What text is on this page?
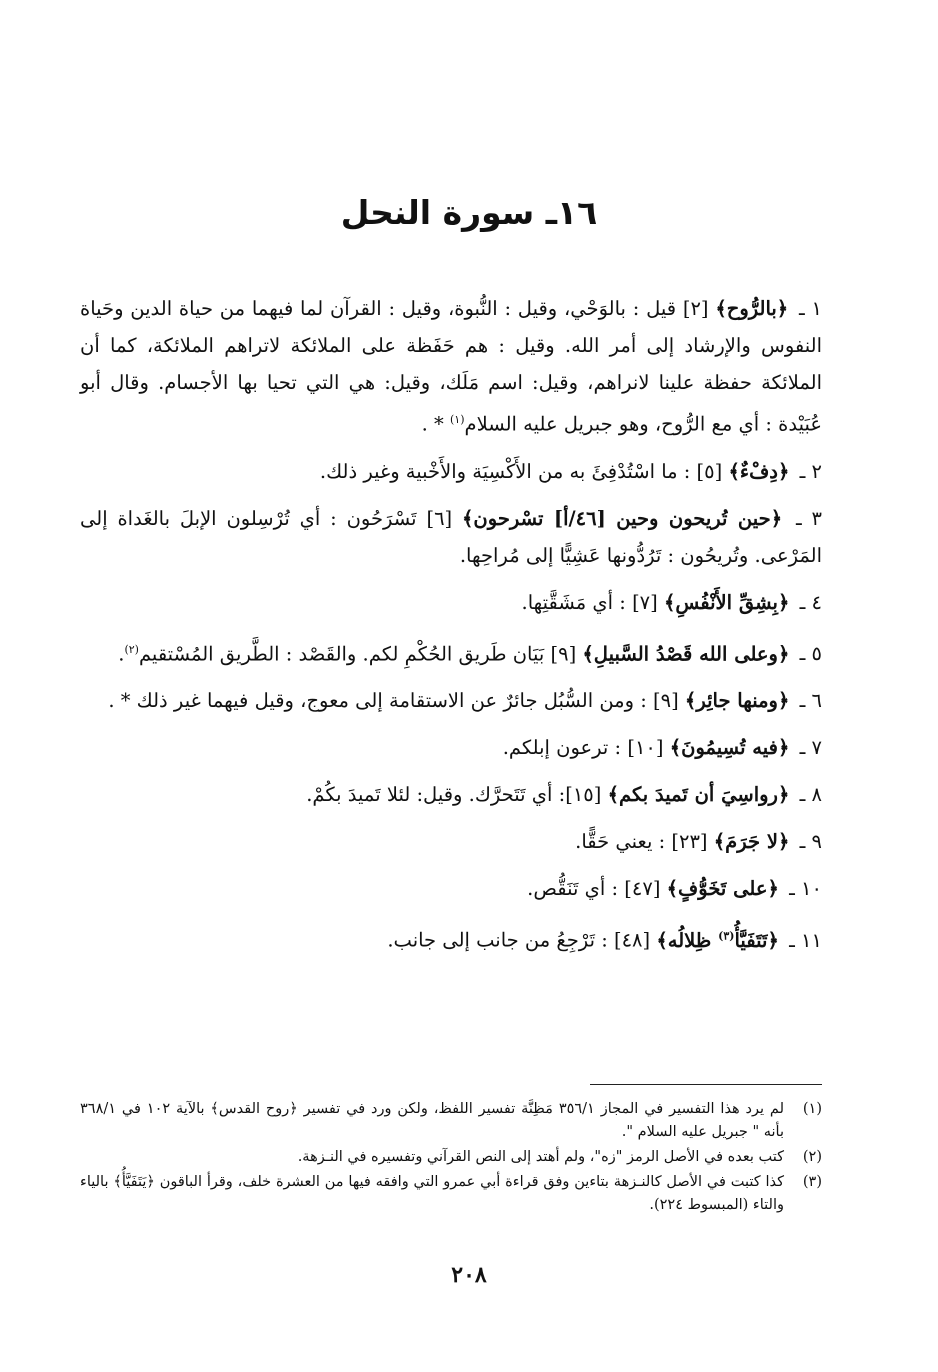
١٦ـ سورة النحل

١ ـ ﴿بالرُّوح﴾ [٢] قيل : بالوَحْي، وقيل : النُّبوة، وقيل : القرآن لما فيهما من حياة الدين وحَياة النفوس والإرشاد إلى أمر الله. وقيل : هم حَفَظة على الملائكة لاتراهم الملائكة، كما أن الملائكة حفظة علينا لانراهم، وقيل: اسم مَلَك، وقيل: هي التي تحيا بها الأجسام. وقال أبو عُبَيْدة : أي مع الرُّوح، وهو جبريل عليه السلام$^{(١)}$ * .

٢ ـ ﴿دِفْءٌ﴾ [٥] : ما اسْتُدْفِئَ به من الأَكْسِيَة والأَخْبية وغير ذلك.

٣ ـ ﴿حين تُريحون وحين [٤٦/أ] تسْرحون﴾ [٦] تَسْرَحُون : أي تُرْسِلون الإبلَ بالغَداة إلى المَرْعى. وتُريحُون : تَرُدُّونها عَشِيًّا إلى مُراحِها.

٤ ـ ﴿بِشِقِّ الأَنْفُسِ﴾ [٧] : أي مَشَقَّتِها.

٥ ـ ﴿وعلى الله قَصْدُ السَّبيلِ﴾ [٩] بَيَان طَريق الحُكْمِ لكم. والقَصْد : الطَّريق المُسْتقيم$^{(٢)}$.

٦ ـ ﴿ومنها جائِر﴾ [٩] : ومن السُّبُل جائرٌ عن الاستقامة إلى معوج، وقيل فيهما غير ذلك * .

٧ ـ ﴿فيه تُسِيمُونَ﴾ [١٠] : ترعون إبلكم.

٨ ـ ﴿رواسِيَ أن تَميدَ بكم﴾ [١٥]: أي تَتَحرَّك. وقيل: لئلا تَميدَ بكُمْ.

٩ ـ ﴿لا جَرَمَ﴾ [٢٣] : يعني حَقًّا.

١٠ ـ ﴿على تَخَوُّفٍ﴾ [٤٧] : أي تَنَقُّص.

١١ ـ ﴿تَتَفَيَّأُ$^{(٣)}$ ظِلالُه﴾ [٤٨] : تَرْجِعُ من جانب إلى جانب.

(١)
لم يرد هذا التفسير في المجاز ٣٥٦/١ مَظِنَّة تفسير اللفظ، ولكن ورد في تفسير ﴿روح القدس﴾ بالآية ١٠٢ في ٣٦٨/١ بأنه " جبريل عليه السلام ".
(٢)
كتب بعده في الأصل الرمز "زه"، ولم أهتد إلى النص القرآني وتفسيره في النـزهة.
(٣)
كذا كتبت في الأصل كالنـزهة بتاءين وفق قراءة أبي عمرو التي وافقه فيها من العشرة خلف، وقرأ الباقون ﴿يَتَفَيَّأُ﴾ بالياء والتاء (المبسوط ٢٢٤).
٢٠٨
